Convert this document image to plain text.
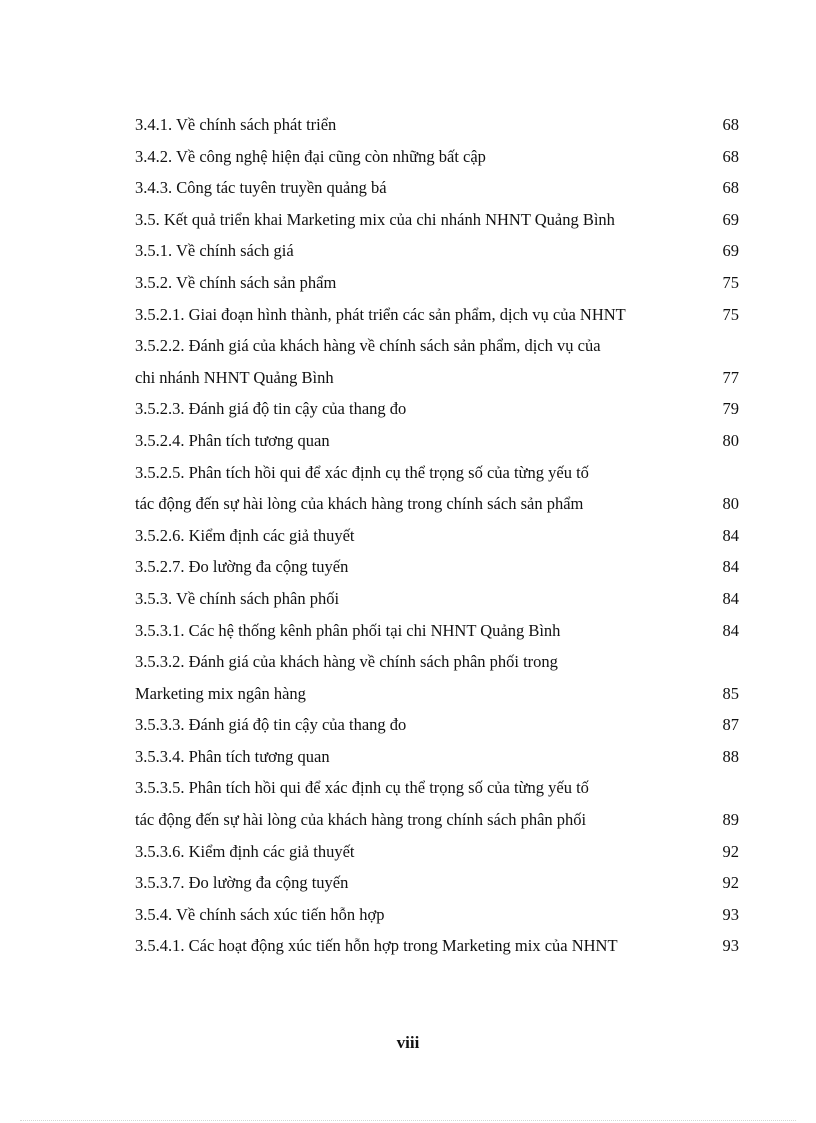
3.4.1. Về chính sách phát triển	68
3.4.2. Về công nghệ hiện đại cũng còn những bất cập	68
3.4.3. Công tác tuyên truyền quảng bá	68
3.5. Kết quả triển khai Marketing mix của chi nhánh NHNT Quảng Bình	69
3.5.1. Về chính sách giá	69
3.5.2. Về chính sách sản phẩm	75
3.5.2.1. Giai đoạn hình thành, phát triển các sản phẩm, dịch vụ của NHNT	75
3.5.2.2. Đánh giá của khách hàng về chính sách sản phẩm, dịch vụ của
chi nhánh NHNT Quảng Bình	77
3.5.2.3. Đánh giá độ tin cậy của thang đo	79
3.5.2.4. Phân tích tương quan	80
3.5.2.5. Phân tích hồi qui để xác định cụ thể trọng số của từng yếu tố
tác động đến sự hài lòng của khách hàng trong chính sách sản phẩm	80
3.5.2.6. Kiểm định các giả thuyết	84
3.5.2.7. Đo lường đa cộng tuyến	84
3.5.3. Về chính sách phân phối	84
3.5.3.1. Các hệ thống kênh phân phối tại chi NHNT Quảng Bình	84
3.5.3.2. Đánh giá của khách hàng về chính sách phân phối trong
Marketing mix ngân hàng	85
3.5.3.3. Đánh giá độ tin cậy của thang đo	87
3.5.3.4. Phân tích tương quan	88
3.5.3.5. Phân tích hồi qui để xác định cụ thể trọng số của từng yếu tố
tác động đến sự hài lòng của khách hàng trong chính sách phân phối	89
3.5.3.6. Kiểm định các giả thuyết	92
3.5.3.7. Đo lường đa cộng tuyến	92
3.5.4. Về chính sách xúc tiến hỗn hợp	93
3.5.4.1. Các hoạt động xúc tiến hỗn hợp trong Marketing mix của NHNT	93
viii
